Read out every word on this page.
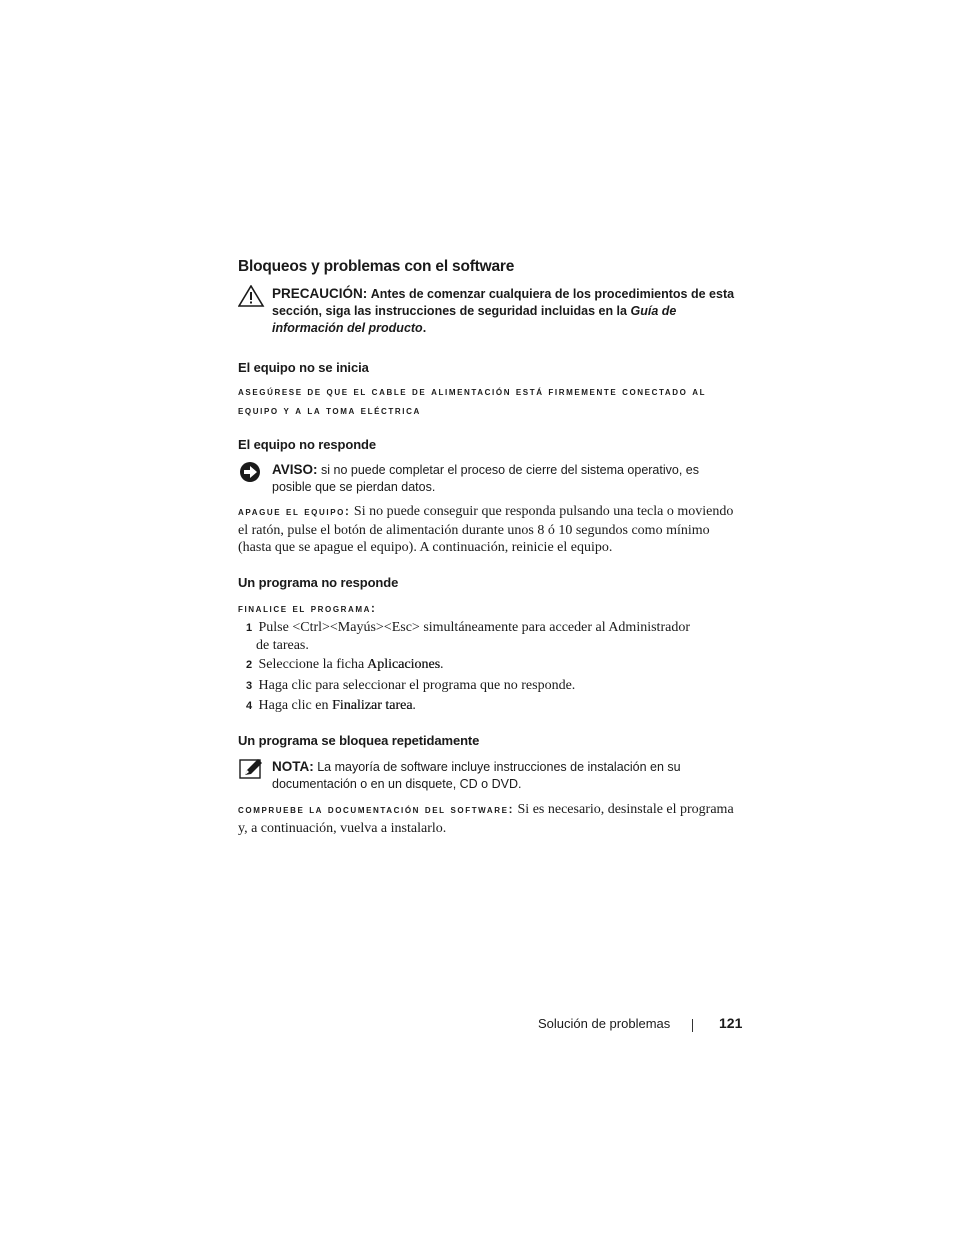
Bloqueos y problemas con el software
PRECAUCIÓN: Antes de comenzar cualquiera de los procedimientos de esta sección, siga las instrucciones de seguridad incluidas en la Guía de información del producto.
El equipo no se inicia
asegúrese de que el cable de alimentación está firmemente conectado al equipo y a la toma eléctrica
El equipo no responde
AVISO: si no puede completar el proceso de cierre del sistema operativo, es posible que se pierdan datos.
apague el equipo: Si no puede conseguir que responda pulsando una tecla o moviendo el ratón, pulse el botón de alimentación durante unos 8 ó 10 segundos como mínimo (hasta que se apague el equipo). A continuación, reinicie el equipo.
Un programa no responde
finalice el programa:
1 Pulse <Ctrl><Mayús><Esc> simultáneamente para acceder al Administrador
de tareas.
2 Seleccione la ficha Aplicaciones.
3 Haga clic para seleccionar el programa que no responde.
4 Haga clic en Finalizar tarea.
Un programa se bloquea repetidamente
NOTA: La mayoría de software incluye instrucciones de instalación en su documentación o en un disquete, CD o DVD.
compruebe la documentación del software: Si es necesario, desinstale el programa y, a continuación, vuelva a instalarlo.
Solución de problemas	121
